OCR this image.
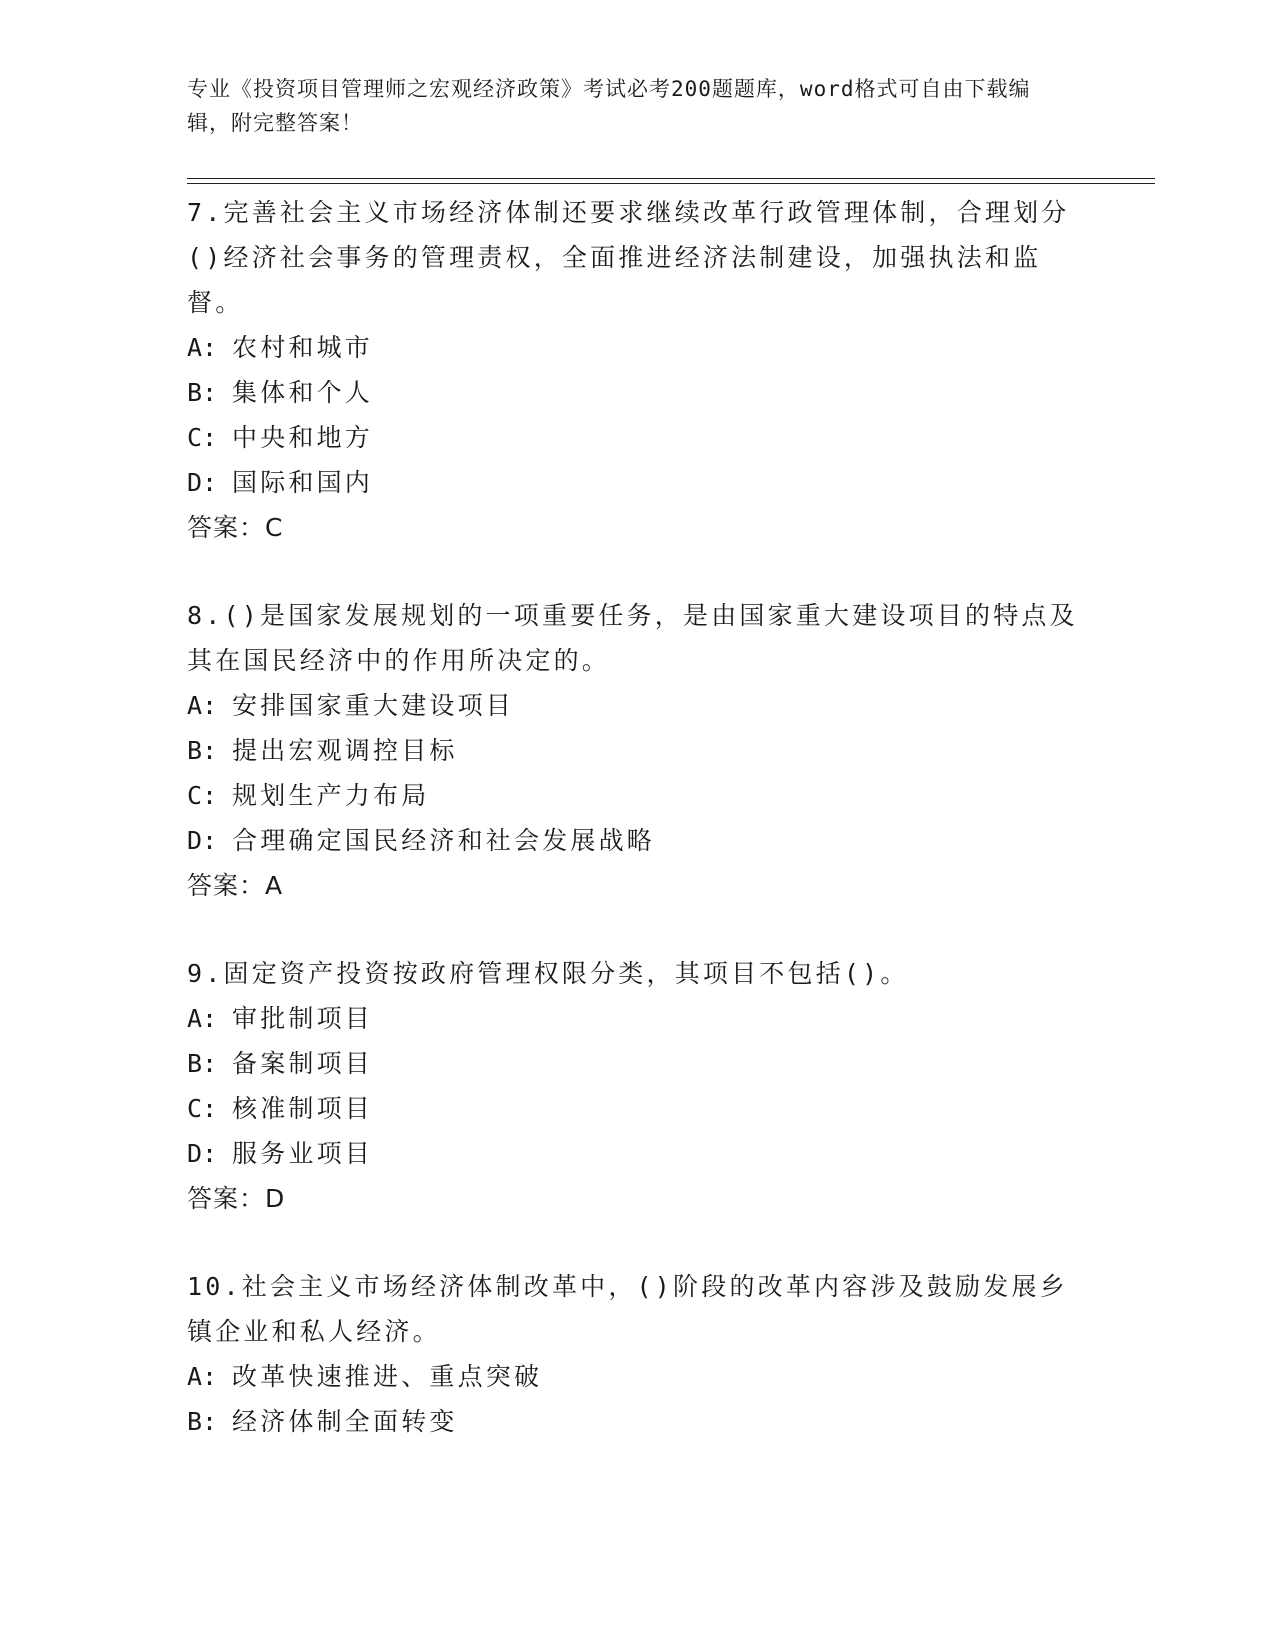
专业《投资项目管理师之宏观经济政策》考试必考200题题库，word格式可自由下载编辑，附完整答案！
7.完善社会主义市场经济体制还要求继续改革行政管理体制，合理划分()经济社会事务的管理责权，全面推进经济法制建设，加强执法和监督。
A: 农村和城市
B: 集体和个人
C: 中央和地方
D: 国际和国内
答案：C
8.()是国家发展规划的一项重要任务，是由国家重大建设项目的特点及其在国民经济中的作用所决定的。
A: 安排国家重大建设项目
B: 提出宏观调控目标
C: 规划生产力布局
D: 合理确定国民经济和社会发展战略
答案：A
9.固定资产投资按政府管理权限分类，其项目不包括()。
A: 审批制项目
B: 备案制项目
C: 核准制项目
D: 服务业项目
答案：D
10.社会主义市场经济体制改革中，()阶段的改革内容涉及鼓励发展乡镇企业和私人经济。
A: 改革快速推进、重点突破
B: 经济体制全面转变
